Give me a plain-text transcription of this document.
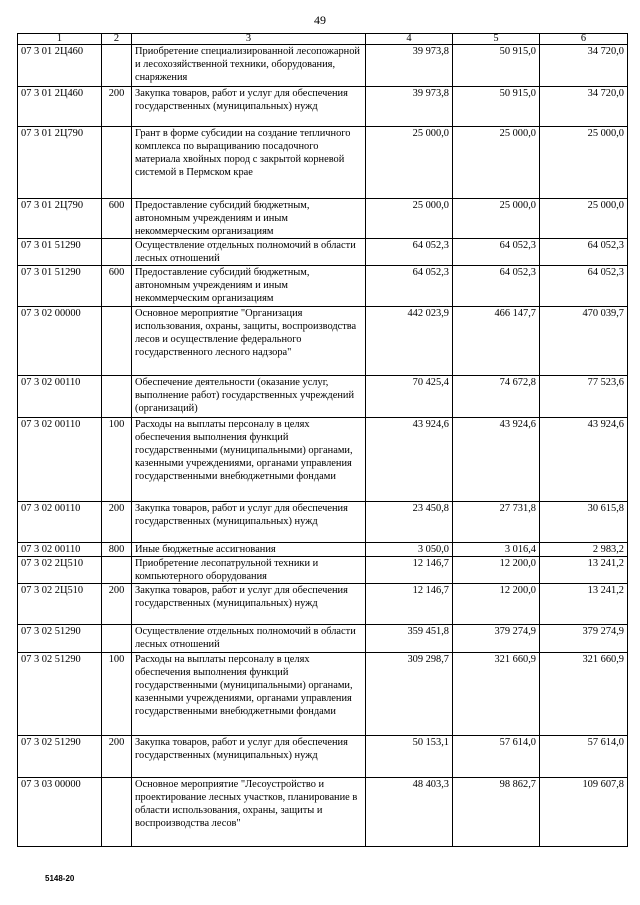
49
1	2	3	4	5	6
07 3 01 2Ц460		Приобретение специализированной лесопожарной и лесохозяйственной техники, оборудования, снаряжения	39 973,8	50 915,0	34 720,0
07 3 01 2Ц460	200	Закупка товаров, работ и услуг для обеспечения государственных (муниципальных) нужд	39 973,8	50 915,0	34 720,0
07 3 01 2Ц790		Грант в форме субсидии на создание тепличного комплекса по выращиванию посадочного материала хвойных пород с закрытой корневой системой в Пермском крае	25 000,0	25 000,0	25 000,0
07 3 01 2Ц790	600	Предоставление субсидий бюджетным, автономным учреждениям и иным некоммерческим организациям	25 000,0	25 000,0	25 000,0
07 3 01 51290		Осуществление отдельных полномочий в области лесных отношений	64 052,3	64 052,3	64 052,3
07 3 01 51290	600	Предоставление субсидий бюджетным, автономным учреждениям и иным некоммерческим организациям	64 052,3	64 052,3	64 052,3
07 3 02 00000		Основное мероприятие "Организация использования, охраны, защиты, воспроизводства лесов и осуществление федерального государственного лесного надзора"	442 023,9	466 147,7	470 039,7
07 3 02 00110		Обеспечение деятельности (оказание услуг, выполнение работ) государственных учреждений (организаций)	70 425,4	74 672,8	77 523,6
07 3 02 00110	100	Расходы на выплаты персоналу в целях обеспечения выполнения функций государственными (муниципальными) органами, казенными учреждениями, органами управления государственными внебюджетными фондами	43 924,6	43 924,6	43 924,6
07 3 02 00110	200	Закупка товаров, работ и услуг для обеспечения государственных (муниципальных) нужд	23 450,8	27 731,8	30 615,8
07 3 02 00110	800	Иные бюджетные ассигнования	3 050,0	3 016,4	2 983,2
07 3 02 2Ц510		Приобретение лесопатрульной техники и компьютерного оборудования	12 146,7	12 200,0	13 241,2
07 3 02 2Ц510	200	Закупка товаров, работ и услуг для обеспечения государственных (муниципальных) нужд	12 146,7	12 200,0	13 241,2
07 3 02 51290		Осуществление отдельных полномочий в области лесных отношений	359 451,8	379 274,9	379 274,9
07 3 02 51290	100	Расходы на выплаты персоналу в целях обеспечения выполнения функций государственными (муниципальными) органами, казенными учреждениями, органами управления государственными внебюджетными фондами	309 298,7	321 660,9	321 660,9
07 3 02 51290	200	Закупка товаров, работ и услуг для обеспечения государственных (муниципальных) нужд	50 153,1	57 614,0	57 614,0
07 3 03 00000		Основное мероприятие "Лесоустройство и проектирование лесных участков, планирование в области использования, охраны, защиты и воспроизводства лесов"	48 403,3	98 862,7	109 607,8
5148-20
